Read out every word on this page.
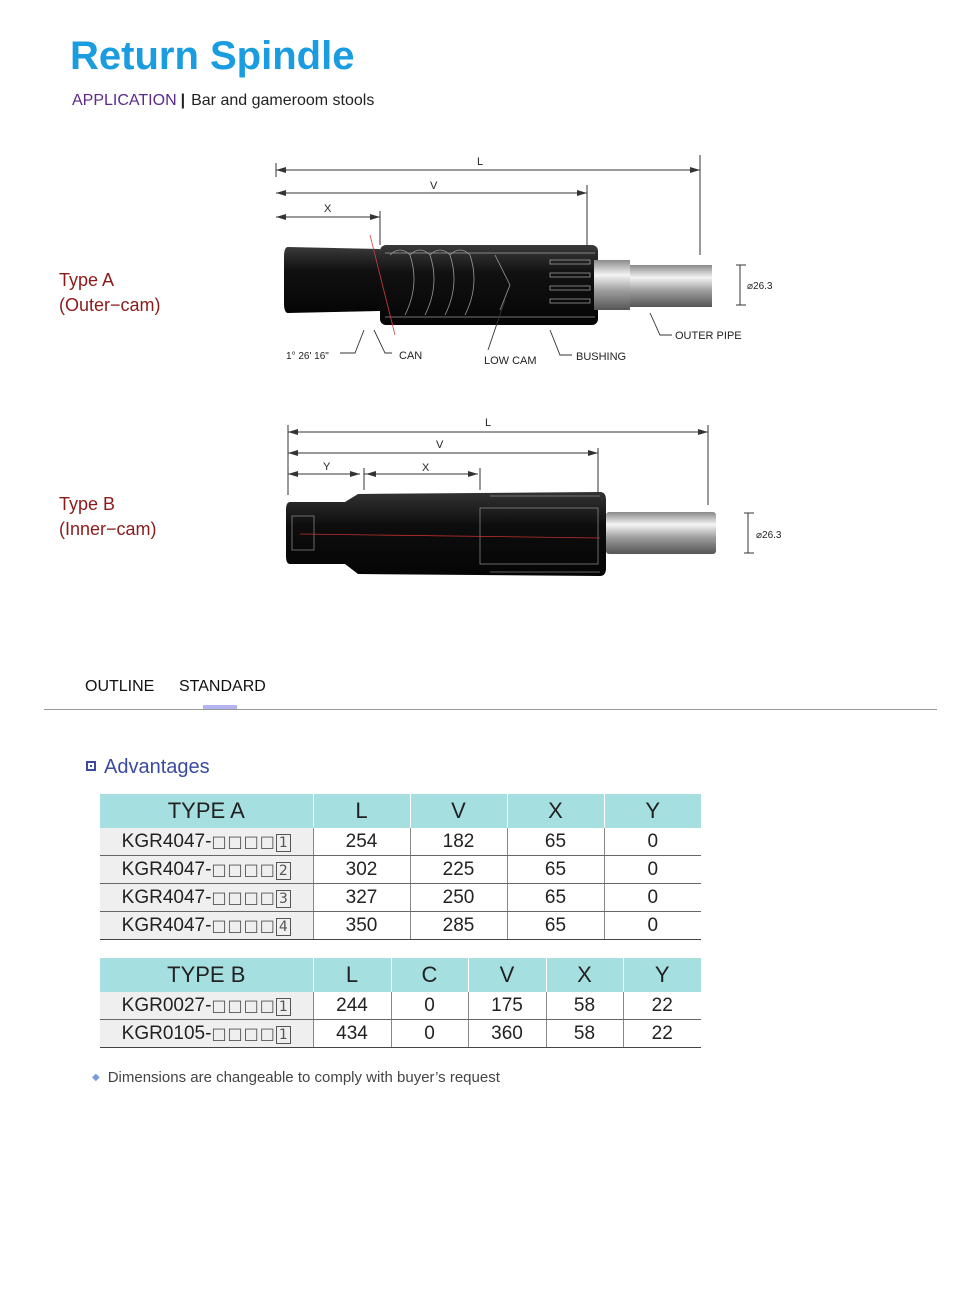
Return Spindle
APPLICATION | Bar and gameroom stools
Type A
(Outer−cam)
L
V
X
⌀26.3
1° 26' 16"	CAN	LOW CAM	BUSHING
OUTER PIPE
Type B
(Inner−cam)
L
V
Y	X
⌀26.3
OUTLINE STANDARD
Advantages
TYPE A	L	V	X	Y
KGR4047-□□□□ 1	254	182	65	0
KGR4047-□□□□ 2	302	225	65	0
KGR4047-□□□□ 3	327	250	65	0
KGR4047-□□□□ 4	350	285	65	0
TYPE B	L	C	V	X	Y
KGR0027-□□□□ 1	244	0	175	58	22
KGR0105-□□□□ 1	434	0	360	58	22
◆ Dimensions are changeable to comply with buyer’s request
